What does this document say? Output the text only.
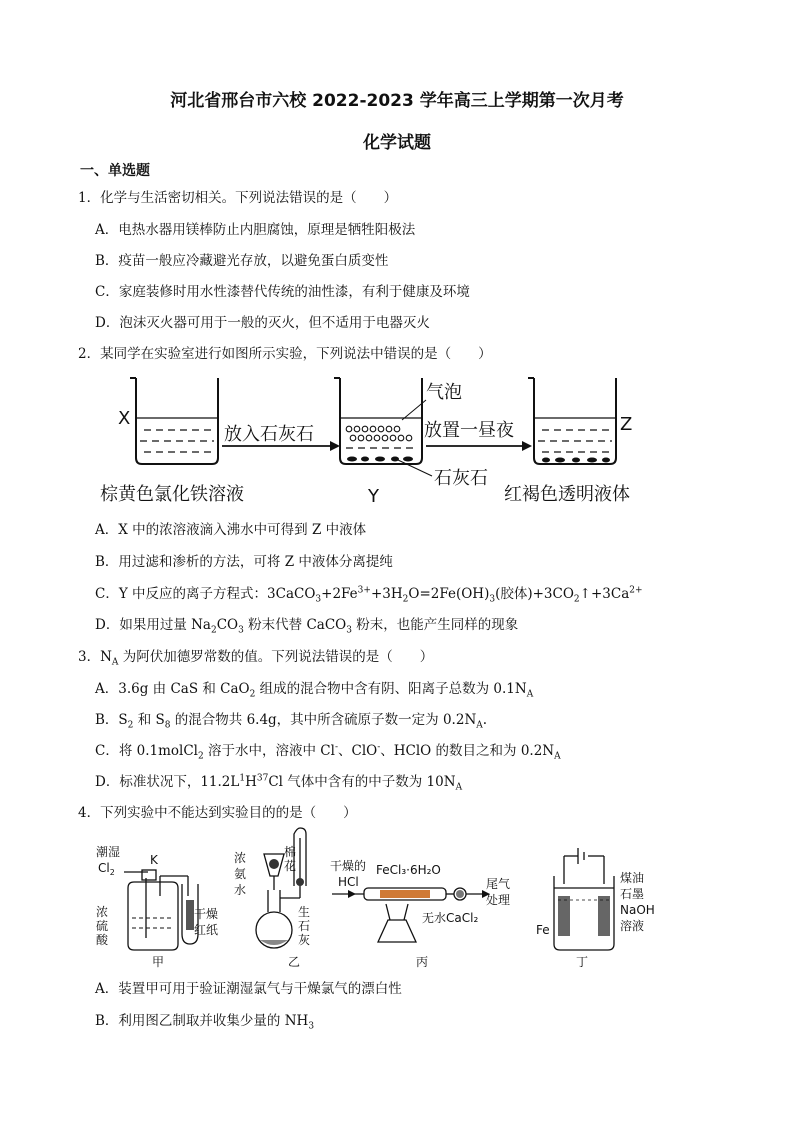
河北省邢台市六校 2022-2023 学年高三上学期第一次月考
化学试题
一、单选题
1．化学与生活密切相关。下列说法错误的是（　　）
A．电热水器用镁棒防止内胆腐蚀，原理是牺牲阳极法
B．疫苗一般应冷藏避光存放，以避免蛋白质变性
C．家庭装修时用水性漆替代传统的油性漆，有利于健康及环境
D．泡沫灭火器可用于一般的灭火，但不适用于电器灭火
2．某同学在实验室进行如图所示实验，下列说法中错误的是（　　）
X
放入石灰石
气泡
石灰石
放置一昼夜	Z
棕黄色氯化铁溶液	Y	红褐色透明液体
A．X 中的浓溶液滴入沸水中可得到 Z 中液体
B．用过滤和渗析的方法，可将 Z 中液体分离提纯
C．Y 中反应的离子方程式：$3CaCO_3+2Fe^{3+}+3H_2O=2Fe(OH)_3$(胶体)$+3CO_2↑+3Ca^{2+}$
D．如果用过量 $Na_2CO_3$ 粉末代替 CaCO$_3$ 粉末，也能产生同样的现象
3．$N_A$ 为阿伏加德罗常数的值。下列说法错误的是（　　）
A．3.6g 由 CaS 和 CaO$_2$ 组成的混合物中含有阴、阳离子总数为 $0.1N_A$
B．$S_2$ 和 $S_8$ 的混合物共 6.4g，其中所含硫原子数一定为 $0.2N_A$.
C．将 0.1molCl$_2$ 溶于水中，溶液中 Cl-、ClO-、HClO 的数目之和为 $0.2N_A$
D．标准状况下，$11.2L^1H^{37}Cl$ 气体中含有的中子数为 $10N_A$
4．下列实验中不能达到实验目的的是（　　）
潮湿
$Cl_2$
K
浓
硫
酸
干燥
红纸
甲
浓
氨
水
棉
花
生
石
灰
乙
干燥的
HCl
FeCl₃·6H₂O
尾气
处理
无水CaCl₂
丙
煤油
石墨
NaOH
溶液
Fe
丁
A．装置甲可用于验证潮湿氯气与干燥氯气的漂白性
B．利用图乙制取并收集少量的 $NH_3$
